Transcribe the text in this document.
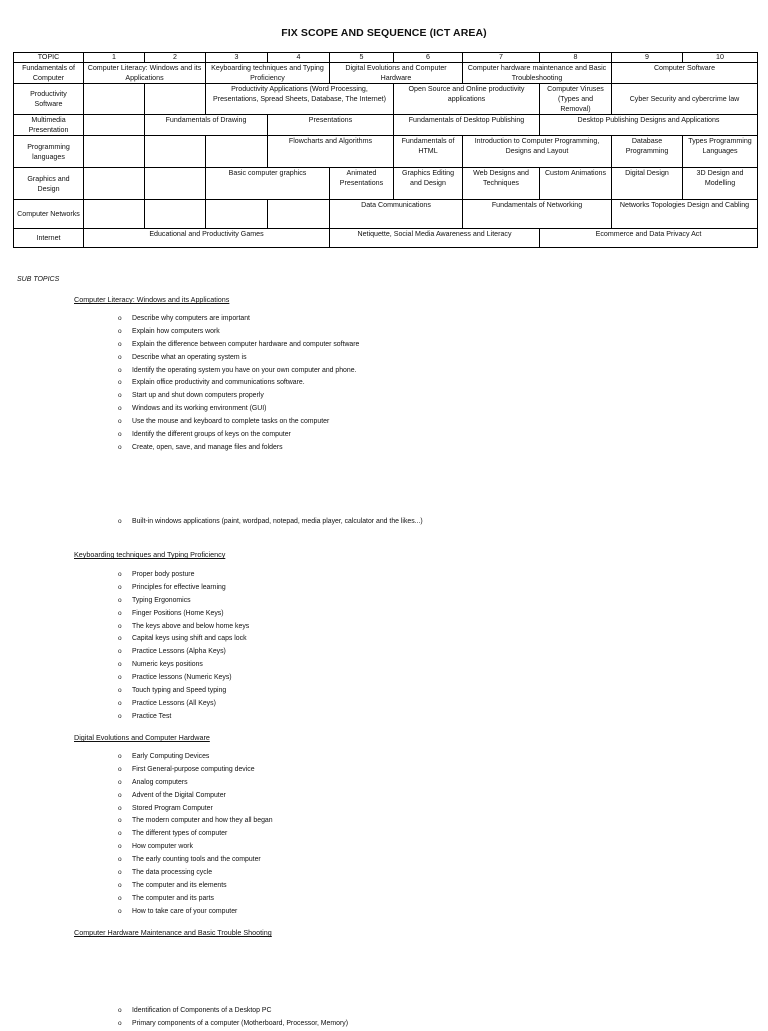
FIX SCOPE AND SEQUENCE (ICT AREA)
TOPIC	1	2	3	4	5	6	7	8	9	10
Fundamentals of Computer	Computer Literacy: Windows and its Applications		Keyboarding techniques and Typing Proficiency		Digital Evolutions and Computer Hardware		Computer hardware maintenance and Basic Troubleshooting		Computer Software	
Productivity Software			Productivity Applications (Word Processing, Presentations, Spread Sheets, Database, The Internet)			Open Source and Online productivity applications		Computer Viruses (Types and Removal)	Cyber Security and cybercrime law	
Multimedia Presentation		Fundamentals of Drawing		Presentations		Fundamentals of Desktop Publishing		Desktop Publishing Designs and Applications		
Programming languages				Flowcharts and Algorithms		Fundamentals of HTML	Introduction to Computer Programming, Designs and Layout		Database Programming	Types Programming Languages
Graphics and Design			Basic computer graphics		Animated Presentations	Graphics Editing and Design	Web Designs and Techniques	Custom Animations	Digital Design	3D Design and Modelling
Computer Networks					Data Communications		Fundamentals of Networking		Networks Topologies Design and Cabling	
Internet	Educational and Productivity Games				Netiquette, Social Media Awareness and Literacy			Ecommerce and Data Privacy Act		
SUB TOPICS
Computer Literacy: Windows and its Applications
o Describe why computers are important
o Explain how computers work
o Explain the difference between computer hardware and computer software
o Describe what an operating system is
o Identify the operating system you have on your own computer and phone.
o Explain office productivity and communications software.
o Start up and shut down computers properly
o Windows and its working environment (GUI)
o Use the mouse and keyboard to complete tasks on the computer
o Identify the different groups of keys on the computer
o Create, open, save, and manage files and folders
o Built-in windows applications (paint, wordpad, notepad, media player, calculator and the likes...)
Keyboarding techniques and Typing Proficiency
o Proper body posture
o Principles for effective learning
o Typing Ergonomics
o Finger Positions (Home Keys)
o The keys above and below home keys
o Capital keys using shift and caps lock
o Practice Lessons (Alpha Keys)
o Numeric keys positions
o Practice lessons (Numeric Keys)
o Touch typing and Speed typing
o Practice Lessons (All Keys)
o Practice Test
Digital Evolutions and Computer Hardware
o Early Computing Devices
o First General-purpose computing device
o Analog computers
o Advent of the Digital Computer
o Stored Program Computer
o The modern computer and how they all began
o The different types of computer
o How computer work
o The early counting tools and the computer
o The data processing cycle
o The computer and its elements
o The computer and its parts
o How to take care of your computer
Computer Hardware Maintenance and Basic Trouble Shooting
o Identification of Components of a Desktop PC
o Primary components of a computer (Motherboard, Processor, Memory)
